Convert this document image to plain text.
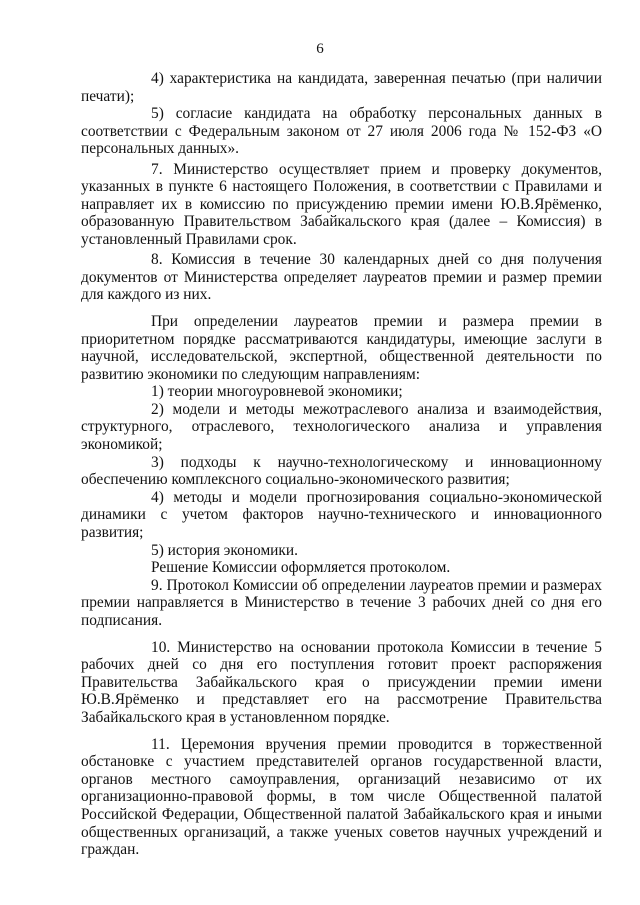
6

4) характеристика на кандидата, заверенная печатью (при наличии печати);

5) согласие кандидата на обработку персональных данных в соответствии с Федеральным законом от 27 июля 2006 года № 152-ФЗ «О персональных данных».

7. Министерство осуществляет прием и проверку документов, указанных в пункте 6 настоящего Положения, в соответствии с Правилами и направляет их в комиссию по присуждению премии имени Ю.В.Ярёменко, образованную Правительством Забайкальского края (далее – Комиссия) в установленный Правилами срок.

8. Комиссия в течение 30 календарных дней со дня получения документов от Министерства определяет лауреатов премии и размер премии для каждого из них.

При определении лауреатов премии и размера премии в приоритетном порядке рассматриваются кандидатуры, имеющие заслуги в научной, исследовательской, экспертной, общественной деятельности по развитию экономики по следующим направлениям:

1) теории многоуровневой экономики;

2) модели и методы межотраслевого анализа и взаимодействия, структурного, отраслевого, технологического анализа и управления экономикой;

3) подходы к научно-технологическому и инновационному обеспечению комплексного социально-экономического развития;

4) методы и модели прогнозирования социально-экономической динамики с учетом факторов научно-технического и инновационного развития;

5) история экономики.

Решение Комиссии оформляется протоколом.

9. Протокол Комиссии об определении лауреатов премии и размерах премии направляется в Министерство в течение 3 рабочих дней со дня его подписания.

10. Министерство на основании протокола Комиссии в течение 5 рабочих дней со дня его поступления готовит проект распоряжения Правительства Забайкальского края о присуждении премии имени Ю.В.Ярёменко и представляет его на рассмотрение Правительства Забайкальского края в установленном порядке.

11. Церемония вручения премии проводится в торжественной обстановке с участием представителей органов государственной власти, органов местного самоуправления, организаций независимо от их организационно-правовой формы, в том числе Общественной палатой Российской Федерации, Общественной палатой Забайкальского края и иными общественных организаций, а также ученых советов научных учреждений и граждан.
